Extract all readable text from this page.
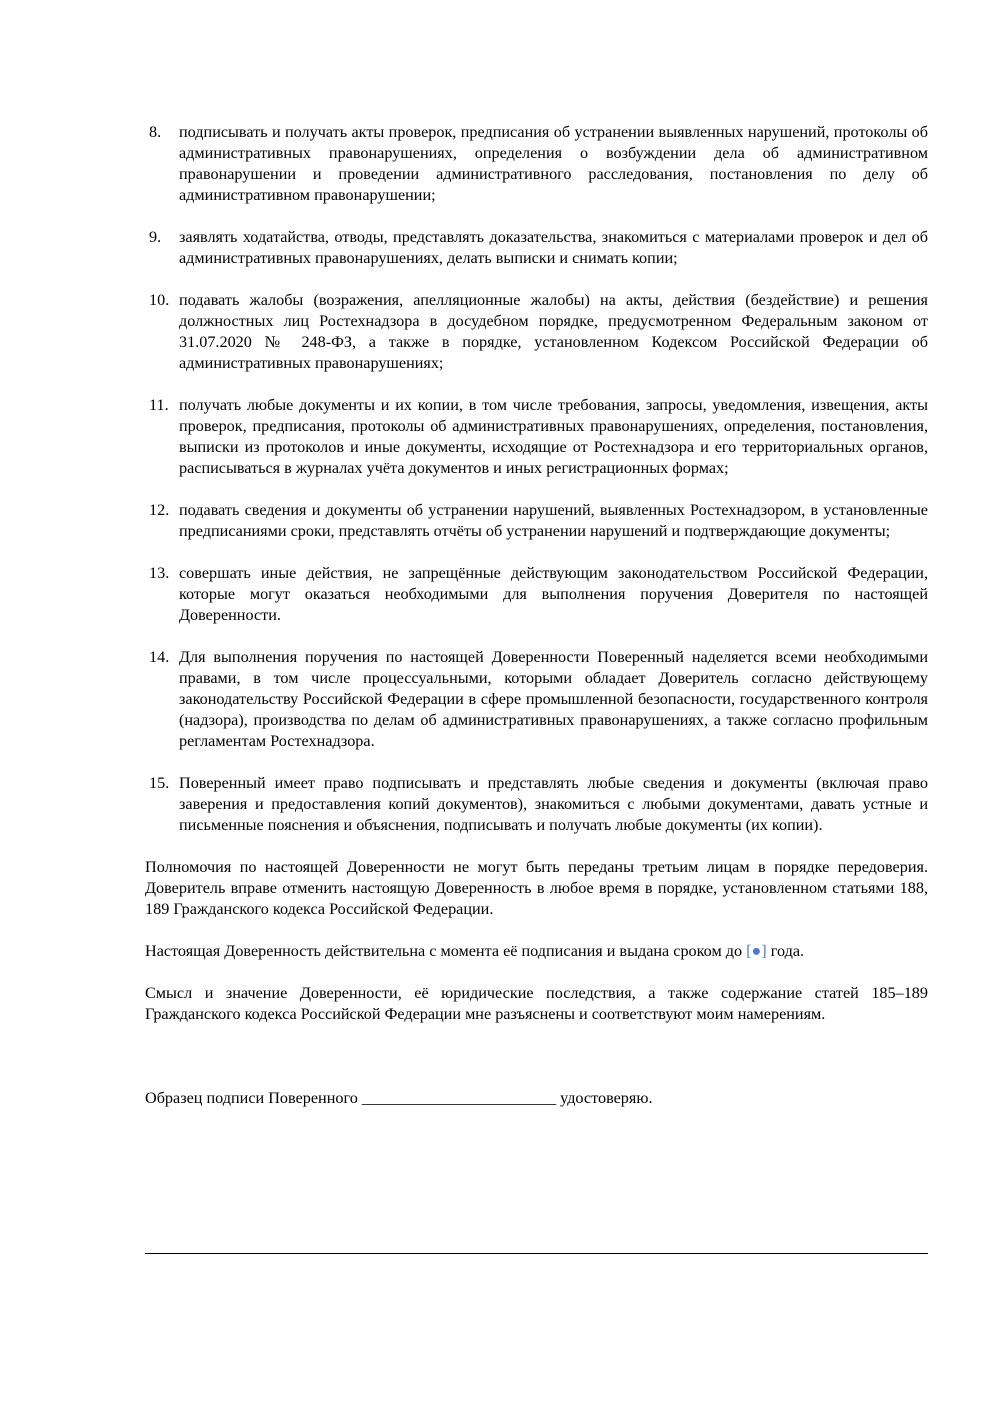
8.	подписывать и получать акты проверок, предписания об устранении выявленных нарушений, протоколы об административных правонарушениях, определения о возбуждении дела об административном правонарушении и проведении административного расследования, постановления по делу об административном правонарушении;
9.	заявлять ходатайства, отводы, представлять доказательства, знакомиться с материалами проверок и дел об административных правонарушениях, делать выписки и снимать копии;
10. подавать жалобы (возражения, апелляционные жалобы) на акты, действия (бездействие) и решения должностных лиц Ростехнадзора в досудебном порядке, предусмотренном Федеральным законом от 31.07.2020 № 248-ФЗ, а также в порядке, установленном Кодексом Российской Федерации об административных правонарушениях;
11. получать любые документы и их копии, в том числе требования, запросы, уведомления, извещения, акты проверок, предписания, протоколы об административных правонарушениях, определения, постановления, выписки из протоколов и иные документы, исходящие от Ростехнадзора и его территориальных органов, расписываться в журналах учёта документов и иных регистрационных формах;
12. подавать сведения и документы об устранении нарушений, выявленных Ростехнадзором, в установленные предписаниями сроки, представлять отчёты об устранении нарушений и подтверждающие документы;
13. совершать иные действия, не запрещённые действующим законодательством Российской Федерации, которые могут оказаться необходимыми для выполнения поручения Доверителя по настоящей Доверенности.
14. Для выполнения поручения по настоящей Доверенности Поверенный наделяется всеми необходимыми правами, в том числе процессуальными, которыми обладает Доверитель согласно действующему законодательству Российской Федерации в сфере промышленной безопасности, государственного контроля (надзора), производства по делам об административных правонарушениях, а также согласно профильным регламентам Ростехнадзора.
15. Поверенный имеет право подписывать и представлять любые сведения и документы (включая право заверения и предоставления копий документов), знакомиться с любыми документами, давать устные и письменные пояснения и объяснения, подписывать и получать любые документы (их копии).

Полномочия по настоящей Доверенности не могут быть переданы третьим лицам в порядке передоверия. Доверитель вправе отменить настоящую Доверенность в любое время в порядке, установленном статьями 188, 189 Гражданского кодекса Российской Федерации.

Настоящая Доверенность действительна с момента её подписания и выдана сроком до [●] года.

Смысл и значение Доверенности, её юридические последствия, а также содержание статей 185–189 Гражданского кодекса Российской Федерации мне разъяснены и соответствуют моим намерениям.

Образец подписи Поверенного ________________________ удостоверяю.
